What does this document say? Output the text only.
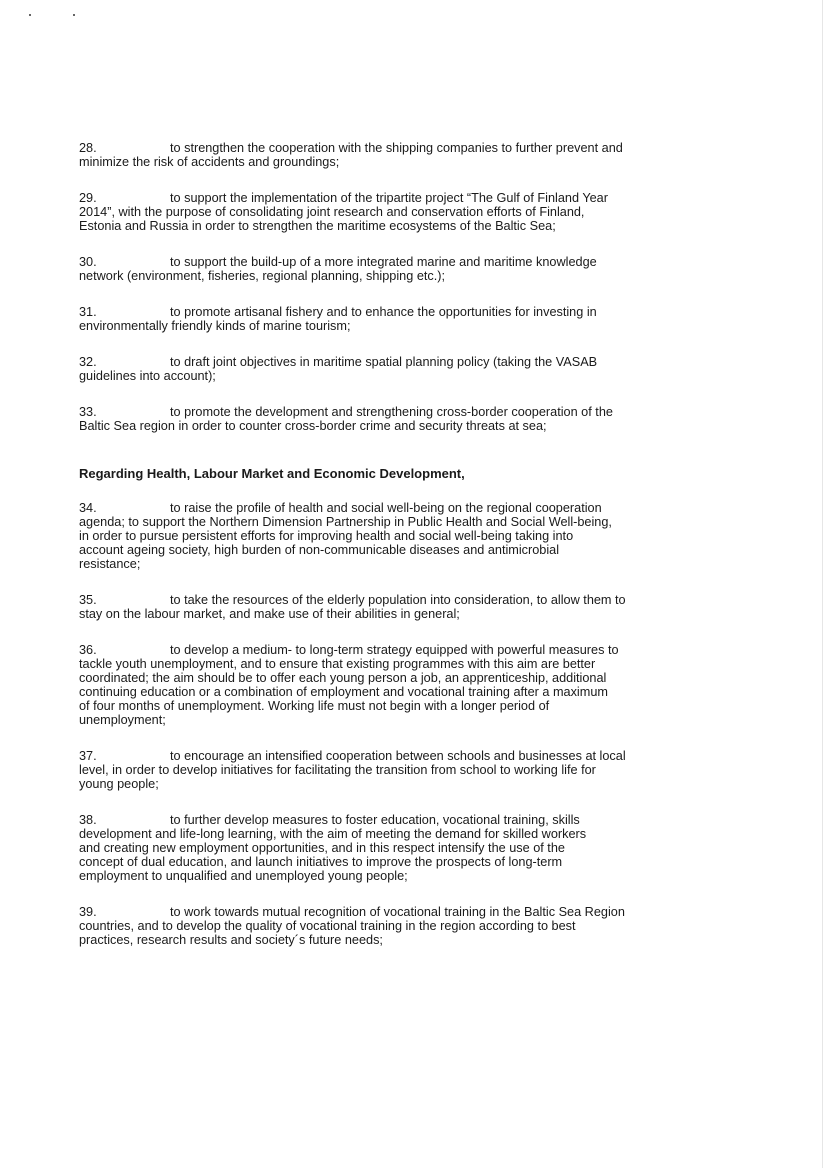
28.	to strengthen the cooperation with the shipping companies to further prevent and
minimize the risk of accidents and groundings;
29.	to support the implementation of the tripartite project “The Gulf of Finland Year
2014”, with the purpose of consolidating joint research and conservation efforts of Finland,
Estonia and Russia in order to strengthen the maritime ecosystems of the Baltic Sea;
30.	to support the build-up of a more integrated marine and maritime knowledge
network (environment, fisheries, regional planning, shipping etc.);
31.	to promote artisanal fishery and to enhance the opportunities for investing in
environmentally friendly kinds of marine tourism;
32.	to draft joint objectives in maritime spatial planning policy (taking the VASAB
guidelines into account);
33.	to promote the development and strengthening cross-border cooperation of the
Baltic Sea region in order to counter cross-border crime and security threats at sea;
Regarding Health, Labour Market and Economic Development,
34.	to raise the profile of health and social well-being on the regional cooperation
agenda; to support the Northern Dimension Partnership in Public Health and Social Well-being,
in order to pursue persistent efforts for improving health and social well-being taking into
account ageing society, high burden of non-communicable diseases and antimicrobial
resistance;
35.	to take the resources of the elderly population into consideration, to allow them to
stay on the labour market, and make use of their abilities in general;
36.	to develop a medium- to long-term strategy equipped with powerful measures to
tackle youth unemployment, and to ensure that existing programmes with this aim are better
coordinated; the aim should be to offer each young person a job, an apprenticeship, additional
continuing education or a combination of employment and vocational training after a maximum
of four months of unemployment. Working life must not begin with a longer period of
unemployment;
37.	to encourage an intensified cooperation between schools and businesses at local
level, in order to develop initiatives for facilitating the transition from school to working life for
young people;
38.	to further develop measures to foster education, vocational training, skills
development and life-long learning, with the aim of meeting the demand for skilled workers
and creating new employment opportunities, and in this respect intensify the use of the
concept of dual education, and launch initiatives to improve the prospects of long-term
employment to unqualified and unemployed young people;
39.	to work towards mutual recognition of vocational training in the Baltic Sea Region
countries, and to develop the quality of vocational training in the region according to best
practices, research results and society´s future needs;
